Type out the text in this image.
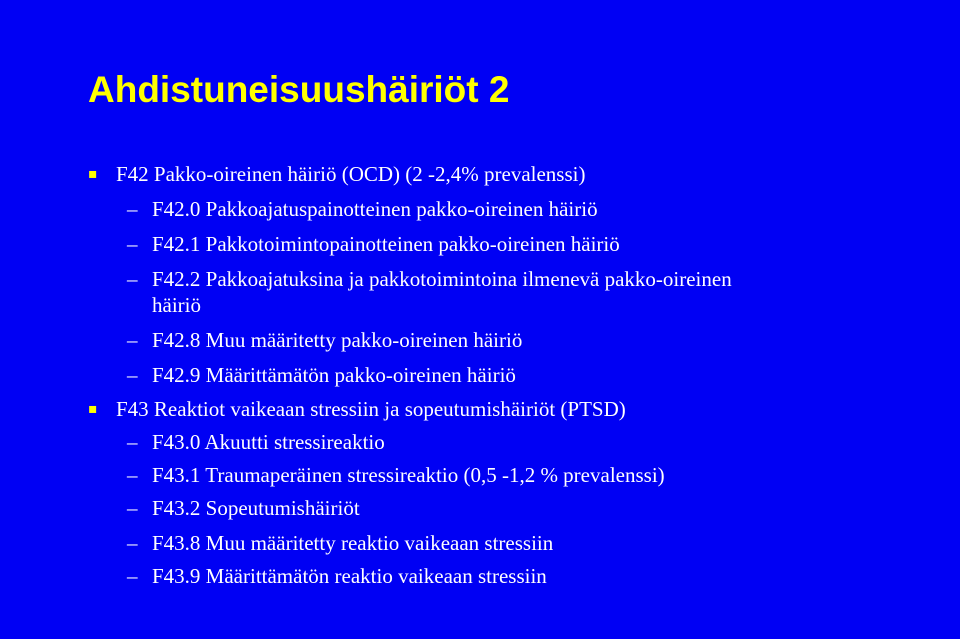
Ahdistuneisuushäiriöt 2
▪ F42 Pakko-oireinen häiriö (OCD) (2 -2,4% prevalenssi)
– F42.0 Pakkoajatuspainotteinen pakko-oireinen häiriö
– F42.1 Pakkotoimintopainotteinen pakko-oireinen häiriö
– F42.2 Pakkoajatuksina ja pakkotoimintoina ilmenevä pakko-oireinen
häiriö
– F42.8 Muu määritetty pakko-oireinen häiriö
– F42.9 Määrittämätön pakko-oireinen häiriö
▪ F43 Reaktiot vaikeaan stressiin ja sopeutumishäiriöt (PTSD)
– F43.0 Akuutti stressireaktio
– F43.1 Traumaperäinen stressireaktio (0,5 -1,2 % prevalenssi)
– F43.2 Sopeutumishäiriöt
– F43.8 Muu määritetty reaktio vaikeaan stressiin
– F43.9 Määrittämätön reaktio vaikeaan stressiin
